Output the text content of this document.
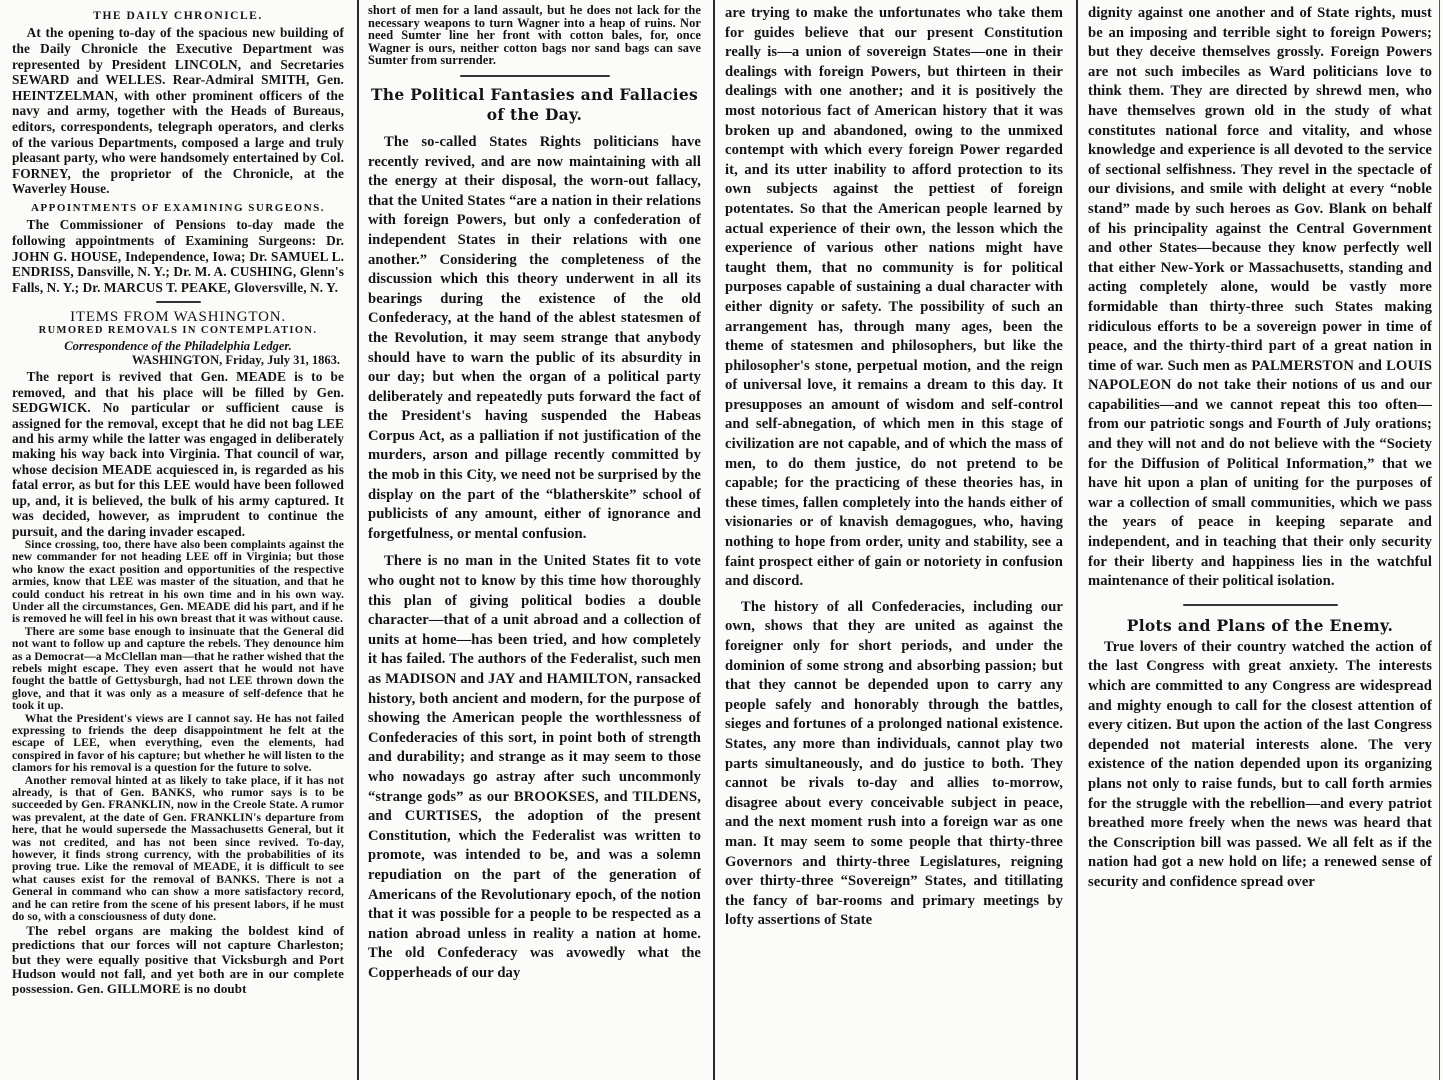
THE DAILY CHRONICLE.

At the opening to-day of the spacious new building of the Daily Chronicle the Executive Department was represented by President LINCOLN, and Secretaries SEWARD and WELLES. Rear-Admiral SMITH, Gen. HEINTZELMAN, with other prominent officers of the navy and army, together with the Heads of Bureaus, editors, correspondents, telegraph operators, and clerks of the various Departments, composed a large and truly pleasant party, who were handsomely entertained by Col. FORNEY, the proprietor of the Chronicle, at the Waverley House.

APPOINTMENTS OF EXAMINING SURGEONS.

The Commissioner of Pensions to-day made the following appointments of Examining Surgeons: Dr. JOHN G. HOUSE, Independence, Iowa; Dr. SAMUEL L. ENDRISS, Dansville, N. Y.; Dr. M. A. CUSHING, Glenn's Falls, N. Y.; Dr. MARCUS T. PEAKE, Gloversville, N. Y.

ITEMS FROM WASHINGTON.
RUMORED REMOVALS IN CONTEMPLATION.
Correspondence of the Philadelphia Ledger.
WASHINGTON, Friday, July 31, 1863.

The report is revived that Gen. MEADE is to be removed, and that his place will be filled by Gen. SEDGWICK. No particular or sufficient cause is assigned for the removal, except that he did not bag LEE and his army while the latter was engaged in deliberately making his way back into Virginia. That council of war, whose decision MEADE acquiesced in, is regarded as his fatal error, as but for this LEE would have been followed up, and, it is believed, the bulk of his army captured. It was decided, however, as imprudent to continue the pursuit, and the daring invader escaped.

Since crossing, too, there have also been complaints against the new commander for not heading LEE off in Virginia; but those who know the exact position and opportunities of the respective armies, know that LEE was master of the situation, and that he could conduct his retreat in his own time and in his own way. Under all the circumstances, Gen. MEADE did his part, and if he is removed he will feel in his own breast that it was without cause.

There are some base enough to insinuate that the General did not want to follow up and capture the rebels. They denounce him as a Democrat—a McClellan man—that he rather wished that the rebels might escape. They even assert that he would not have fought the battle of Gettysburgh, had not LEE thrown down the glove, and that it was only as a measure of self-defence that he took it up.

What the President's views are I cannot say. He has not failed expressing to friends the deep disappointment he felt at the escape of LEE, when everything, even the elements, had conspired in favor of his capture; but whether he will listen to the clamors for his removal is a question for the future to solve.

Another removal hinted at as likely to take place, if it has not already, is that of Gen. BANKS, who rumor says is to be succeeded by Gen. FRANKLIN, now in the Creole State. A rumor was prevalent, at the date of Gen. FRANKLIN's departure from here, that he would supersede the Massachusetts General, but it was not credited, and has not been since revived. To-day, however, it finds strong currency, with the probabilities of its proving true. Like the removal of MEADE, it is difficult to see what causes exist for the removal of BANKS. There is not a General in command who can show a more satisfactory record, and he can retire from the scene of his present labors, if he must do so, with a consciousness of duty done.

The rebel organs are making the boldest kind of predictions that our forces will not capture Charleston; but they were equally positive that Vicksburgh and Port Hudson would not fall, and yet both are in our complete possession. Gen. GILLMORE is no doubt

short of men for a land assault, but he does not lack for the necessary weapons to turn Wagner into a heap of ruins. Nor need Sumter line her front with cotton bales, for, once Wagner is ours, neither cotton bags nor sand bags can save Sumter from surrender.

The Political Fantasies and Fallacies of the Day.

The so-called States Rights politicians have recently revived, and are now maintaining with all the energy at their disposal, the worn-out fallacy, that the United States “are a nation in their relations with foreign Powers, but only a confederation of independent States in their relations with one another.” Considering the completeness of the discussion which this theory underwent in all its bearings during the existence of the old Confederacy, at the hand of the ablest statesmen of the Revolution, it may seem strange that anybody should have to warn the public of its absurdity in our day; but when the organ of a political party deliberately and repeatedly puts forward the fact of the President's having suspended the Habeas Corpus Act, as a palliation if not justification of the murders, arson and pillage recently committed by the mob in this City, we need not be surprised by the display on the part of the “blatherskite” school of publicists of any amount, either of ignorance and forgetfulness, or mental confusion.

There is no man in the United States fit to vote who ought not to know by this time how thoroughly this plan of giving political bodies a double character—that of a unit abroad and a collection of units at home—has been tried, and how completely it has failed. The authors of the Federalist, such men as MADISON and JAY and HAMILTON, ransacked history, both ancient and modern, for the purpose of showing the American people the worthlessness of Confederacies of this sort, in point both of strength and durability; and strange as it may seem to those who nowadays go astray after such uncommonly “strange gods” as our BROOKSES, and TILDENS, and CURTISES, the adoption of the present Constitution, which the Federalist was written to promote, was intended to be, and was a solemn repudiation on the part of the generation of Americans of the Revolutionary epoch, of the notion that it was possible for a people to be respected as a nation abroad unless in reality a nation at home. The old Confederacy was avowedly what the Copperheads of our day

are trying to make the unfortunates who take them for guides believe that our present Constitution really is—a union of sovereign States—one in their dealings with foreign Powers, but thirteen in their dealings with one another; and it is positively the most notorious fact of American history that it was broken up and abandoned, owing to the unmixed contempt with which every foreign Power regarded it, and its utter inability to afford protection to its own subjects against the pettiest of foreign potentates. So that the American people learned by actual experience of their own, the lesson which the experience of various other nations might have taught them, that no community is for political purposes capable of sustaining a dual character with either dignity or safety. The possibility of such an arrangement has, through many ages, been the theme of statesmen and philosophers, but like the philosopher's stone, perpetual motion, and the reign of universal love, it remains a dream to this day. It presupposes an amount of wisdom and self-control and self-abnegation, of which men in this stage of civilization are not capable, and of which the mass of men, to do them justice, do not pretend to be capable; for the practicing of these theories has, in these times, fallen completely into the hands either of visionaries or of knavish demagogues, who, having nothing to hope from order, unity and stability, see a faint prospect either of gain or notoriety in confusion and discord.

The history of all Confederacies, including our own, shows that they are united as against the foreigner only for short periods, and under the dominion of some strong and absorbing passion; but that they cannot be depended upon to carry any people safely and honorably through the battles, sieges and fortunes of a prolonged national existence. States, any more than individuals, cannot play two parts simultaneously, and do justice to both. They cannot be rivals to-day and allies to-morrow, disagree about every conceivable subject in peace, and the next moment rush into a foreign war as one man. It may seem to some people that thirty-three Governors and thirty-three Legislatures, reigning over thirty-three “Sovereign” States, and titillating the fancy of bar-rooms and primary meetings by lofty assertions of State

dignity against one another and of State rights, must be an imposing and terrible sight to foreign Powers; but they deceive themselves grossly. Foreign Powers are not such imbeciles as Ward politicians love to think them. They are directed by shrewd men, who have themselves grown old in the study of what constitutes national force and vitality, and whose knowledge and experience is all devoted to the service of sectional selfishness. They revel in the spectacle of our divisions, and smile with delight at every “noble stand” made by such heroes as Gov. Blank on behalf of his principality against the Central Government and other States—because they know perfectly well that either New-York or Massachusetts, standing and acting completely alone, would be vastly more formidable than thirty-three such States making ridiculous efforts to be a sovereign power in time of peace, and the thirty-third part of a great nation in time of war. Such men as PALMERSTON and LOUIS NAPOLEON do not take their notions of us and our capabilities—and we cannot repeat this too often—from our patriotic songs and Fourth of July orations; and they will not and do not believe with the “Society for the Diffusion of Political Information,” that we have hit upon a plan of uniting for the purposes of war a collection of small communities, which we pass the years of peace in keeping separate and independent, and in teaching that their only security for their liberty and happiness lies in the watchful maintenance of their political isolation.

Plots and Plans of the Enemy.

True lovers of their country watched the action of the last Congress with great anxiety. The interests which are committed to any Congress are widespread and mighty enough to call for the closest attention of every citizen. But upon the action of the last Congress depended not material interests alone. The very existence of the nation depended upon its organizing plans not only to raise funds, but to call forth armies for the struggle with the rebellion—and every patriot breathed more freely when the news was heard that the Conscription bill was passed. We all felt as if the nation had got a new hold on life; a renewed sense of security and confidence spread over
